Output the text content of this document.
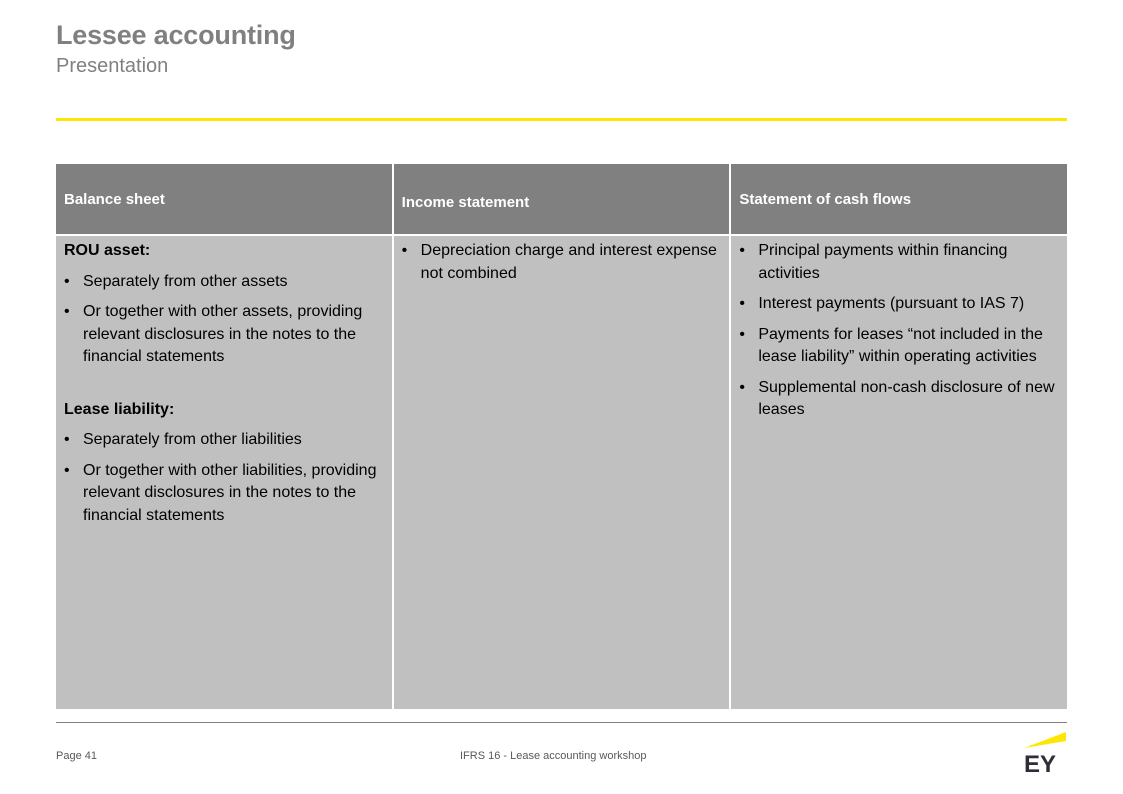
Lessee accounting
Presentation
Balance sheet
ROU asset:
• Separately from other assets
• Or together with other assets, providing relevant disclosures in the notes to the financial statements
Lease liability:
• Separately from other liabilities
• Or together with other liabilities, providing relevant disclosures in the notes to the financial statements
Income statement
• Depreciation charge and interest expense not combined
Statement of cash flows
• Principal payments within financing activities
• Interest payments (pursuant to IAS 7)
• Payments for leases “not included in the lease liability” within operating activities
• Supplemental non-cash disclosure of new leases
Page 41	IFRS 16 - Lease accounting workshop	EY
